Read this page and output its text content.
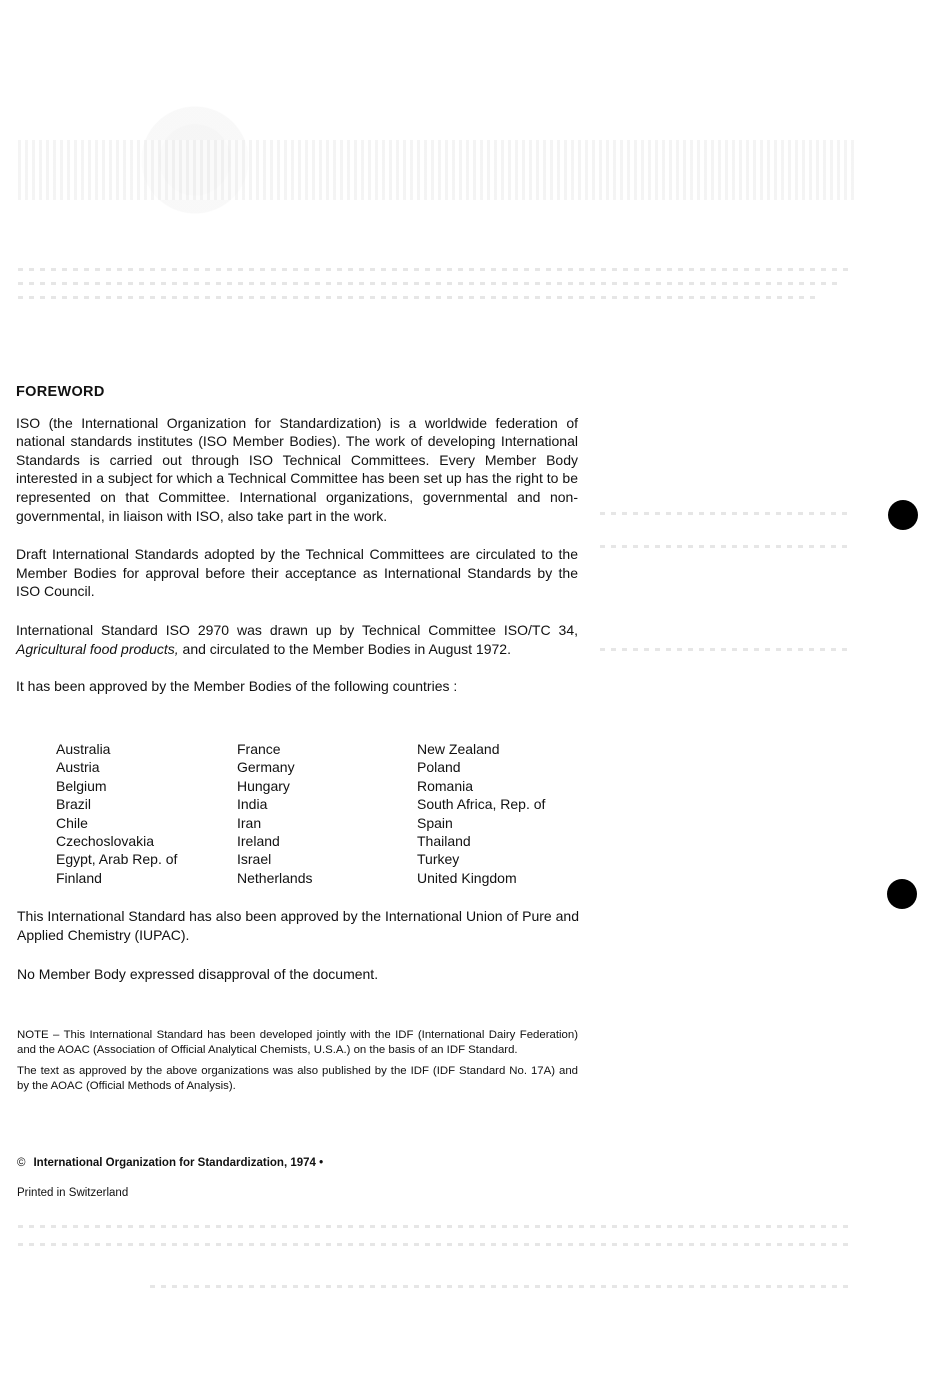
FOREWORD

ISO (the International Organization for Standardization) is a worldwide federation of national standards institutes (ISO Member Bodies). The work of developing International Standards is carried out through ISO Technical Committees. Every Member Body interested in a subject for which a Technical Committee has been set up has the right to be represented on that Committee. International organizations, governmental and non-governmental, in liaison with ISO, also take part in the work.

Draft International Standards adopted by the Technical Committees are circulated to the Member Bodies for approval before their acceptance as International Standards by the ISO Council.

International Standard ISO 2970 was drawn up by Technical Committee ISO/TC 34, Agricultural food products, and circulated to the Member Bodies in August 1972.

It has been approved by the Member Bodies of the following countries :

Australia
Austria
Belgium
Brazil
Chile
Czechoslovakia
Egypt, Arab Rep. of
Finland
France
Germany
Hungary
India
Iran
Ireland
Israel
Netherlands
New Zealand
Poland
Romania
South Africa, Rep. of
Spain
Thailand
Turkey
United Kingdom

This International Standard has also been approved by the International Union of Pure and Applied Chemistry (IUPAC).

No Member Body expressed disapproval of the document.

NOTE – This International Standard has been developed jointly with the IDF (International Dairy Federation) and the AOAC (Association of Official Analytical Chemists, U.S.A.) on the basis of an IDF Standard.

The text as approved by the above organizations was also published by the IDF (IDF Standard No. 17A) and by the AOAC (Official Methods of Analysis).

© International Organization for Standardization, 1974 •
Printed in Switzerland
